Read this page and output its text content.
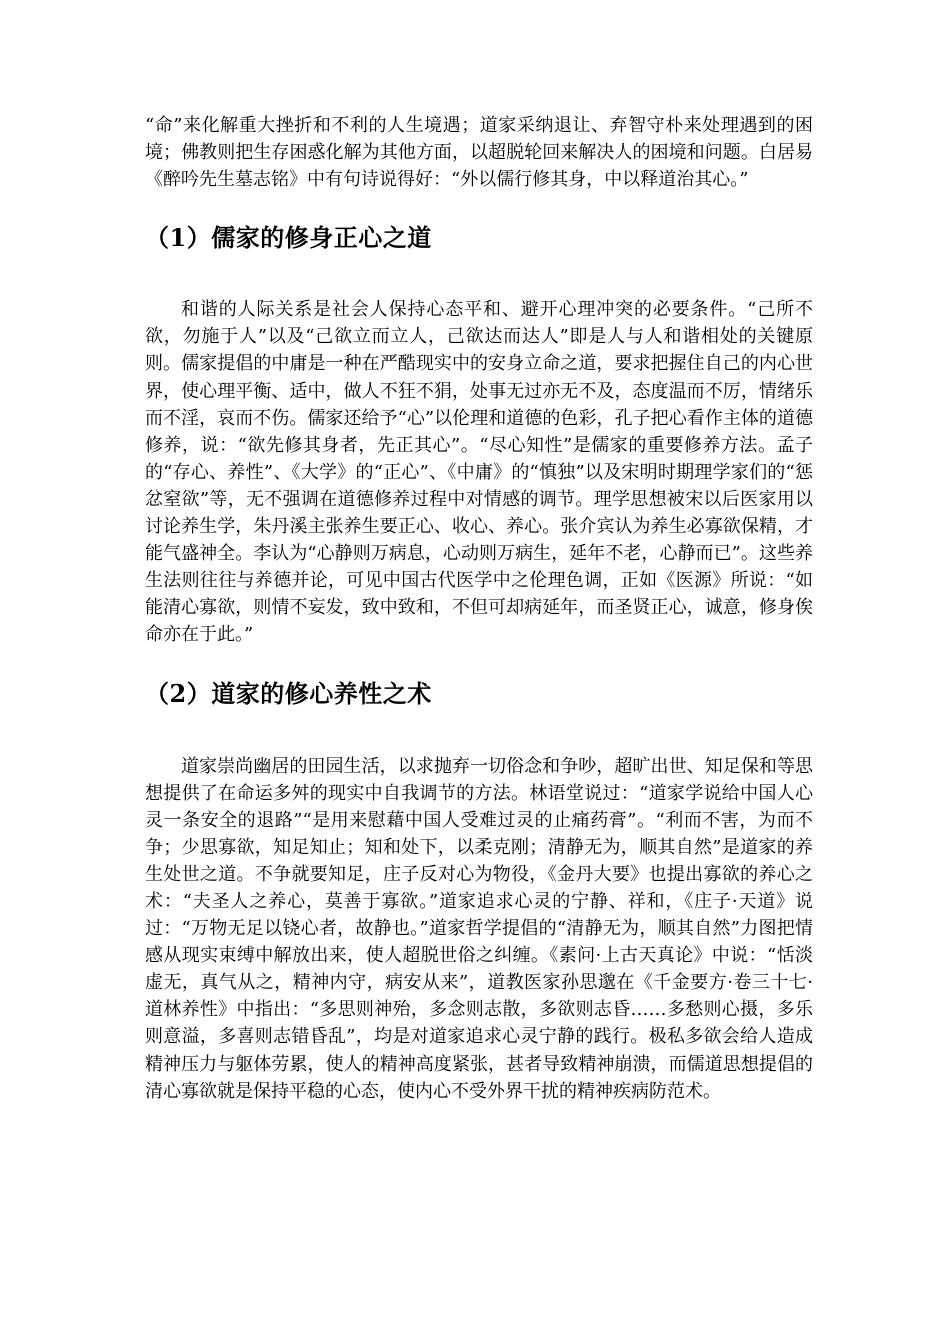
“命”来化解重大挫折和不利的人生境遇；道家采纳退让、弃智守朴来处理遇到的困境；佛教则把生存困惑化解为其他方面，以超脱轮回来解决人的困境和问题。白居易《醉吟先生墓志铭》中有句诗说得好：“外以儒行修其身，中以释道治其心。”

（1）儒家的修身正心之道

和谐的人际关系是社会人保持心态平和、避开心理冲突的必要条件。“己所不欲，勿施于人”以及“己欲立而立人，己欲达而达人”即是人与人和谐相处的关键原则。儒家提倡的中庸是一种在严酷现实中的安身立命之道，要求把握住自己的内心世界，使心理平衡、适中，做人不狂不狷，处事无过亦无不及，态度温而不厉，情绪乐而不淫，哀而不伤。儒家还给予“心”以伦理和道德的色彩，孔子把心看作主体的道德修养，说：“欲先修其身者，先正其心”。“尽心知性”是儒家的重要修养方法。孟子的“存心、养性”、《大学》的“正心”、《中庸》的“慎独”以及宋明时期理学家们的“惩忿窒欲”等，无不强调在道德修养过程中对情感的调节。理学思想被宋以后医家用以讨论养生学，朱丹溪主张养生要正心、收心、养心。张介宾认为养生必寡欲保精，才能气盛神全。李认为“心静则万病息，心动则万病生，延年不老，心静而已”。这些养生法则往往与养德并论，可见中国古代医学中之伦理色调，正如《医源》所说：“如能清心寡欲，则情不妄发，致中致和，不但可却病延年，而圣贤正心，诚意，修身俟命亦在于此。”

（2）道家的修心养性之术

道家崇尚幽居的田园生活，以求抛弃一切俗念和争吵，超旷出世、知足保和等思想提供了在命运多舛的现实中自我调节的方法。林语堂说过：“道家学说给中国人心灵一条安全的退路”“是用来慰藉中国人受难过灵的止痛药膏”。“利而不害，为而不争；少思寡欲，知足知止；知和处下，以柔克刚；清静无为，顺其自然”是道家的养生处世之道。不争就要知足，庄子反对心为物役，《金丹大要》也提出寡欲的养心之术：“夫圣人之养心，莫善于寡欲。”道家追求心灵的宁静、祥和，《庄子·天道》说过：“万物无足以铙心者，故静也。”道家哲学提倡的“清静无为，顺其自然”力图把情感从现实束缚中解放出来，使人超脱世俗之纠缠。《素问·上古天真论》中说：“恬淡虚无，真气从之，精神内守，病安从来”，道教医家孙思邈在《千金要方·卷三十七·道林养性》中指出：“多思则神殆，多念则志散，多欲则志昏……多愁则心摄，多乐则意溢，多喜则志错昏乱”，均是对道家追求心灵宁静的践行。极私多欲会给人造成精神压力与躯体劳累，使人的精神高度紧张，甚者导致精神崩溃，而儒道思想提倡的清心寡欲就是保持平稳的心态，使内心不受外界干扰的精神疾病防范术。
